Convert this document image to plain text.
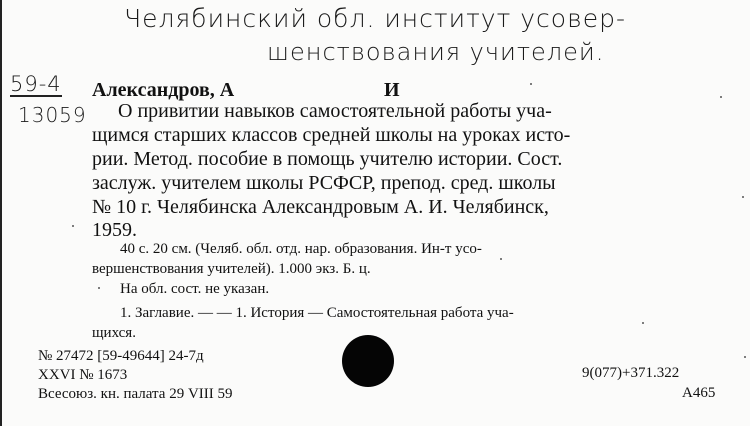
Челябинский обл. институт усовер-
шенствования учителей.
59-4
13059
Александров, А	И
О привитии навыков самостоятельной работы уча-
щимся старших классов средней школы на уроках исто-
рии. Метод. пособие в помощь учителю истории. Сост.
заслуж. учителем школы РСФСР, препод. сред. школы
№ 10 г. Челябинска Александровым А. И. Челябинск,
1959.
40 с. 20 см. (Челяб. обл. отд. нар. образования. Ин-т усо-
вершенствования учителей). 1.000 экз. Б. ц.
На обл. сост. не указан.
1. Заглавие. — — 1. История — Самостоятельная работа уча-
щихся.
№ 27472 [59-49644] 24-7д
XXVI № 1673
Всесоюз. кн. палата 29 VIII 59
9(077)+371.322
А465
